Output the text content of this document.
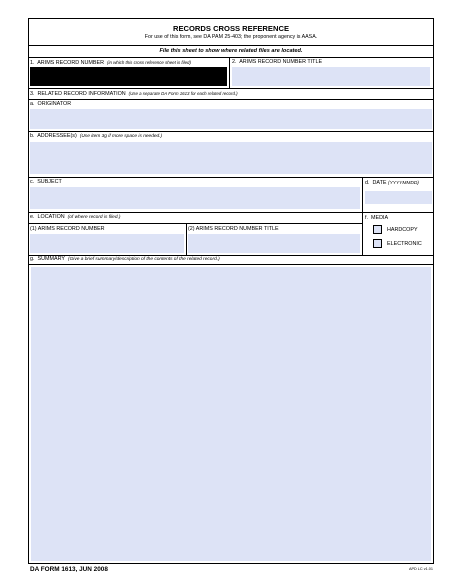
RECORDS CROSS REFERENCE
For use of this form, see DA PAM 25-403; the proponent agency is AASA.
File this sheet to show where related files are located.
1. ARIMS RECORD NUMBER (in which this cross reference sheet is filed)	2. ARIMS RECORD NUMBER TITLE
3. RELATED RECORD INFORMATION (Use a separate DA Form 1613 for each related record.)
a. ORIGINATOR
b. ADDRESSEE(s) (Use item 3g if more space is needed.)
c. SUBJECT	d. DATE (YYYYMMDD)
e. LOCATION (of where record is filed.)
(1) ARIMS RECORD NUMBER	(2) ARIMS RECORD NUMBER TITLE
f. MEDIA
HARDCOPY
ELECTRONIC
g. SUMMARY (Give a brief summary/description of the contents of the related record.)
DA FORM 1613, JUN 2008	APD LC v1.01
